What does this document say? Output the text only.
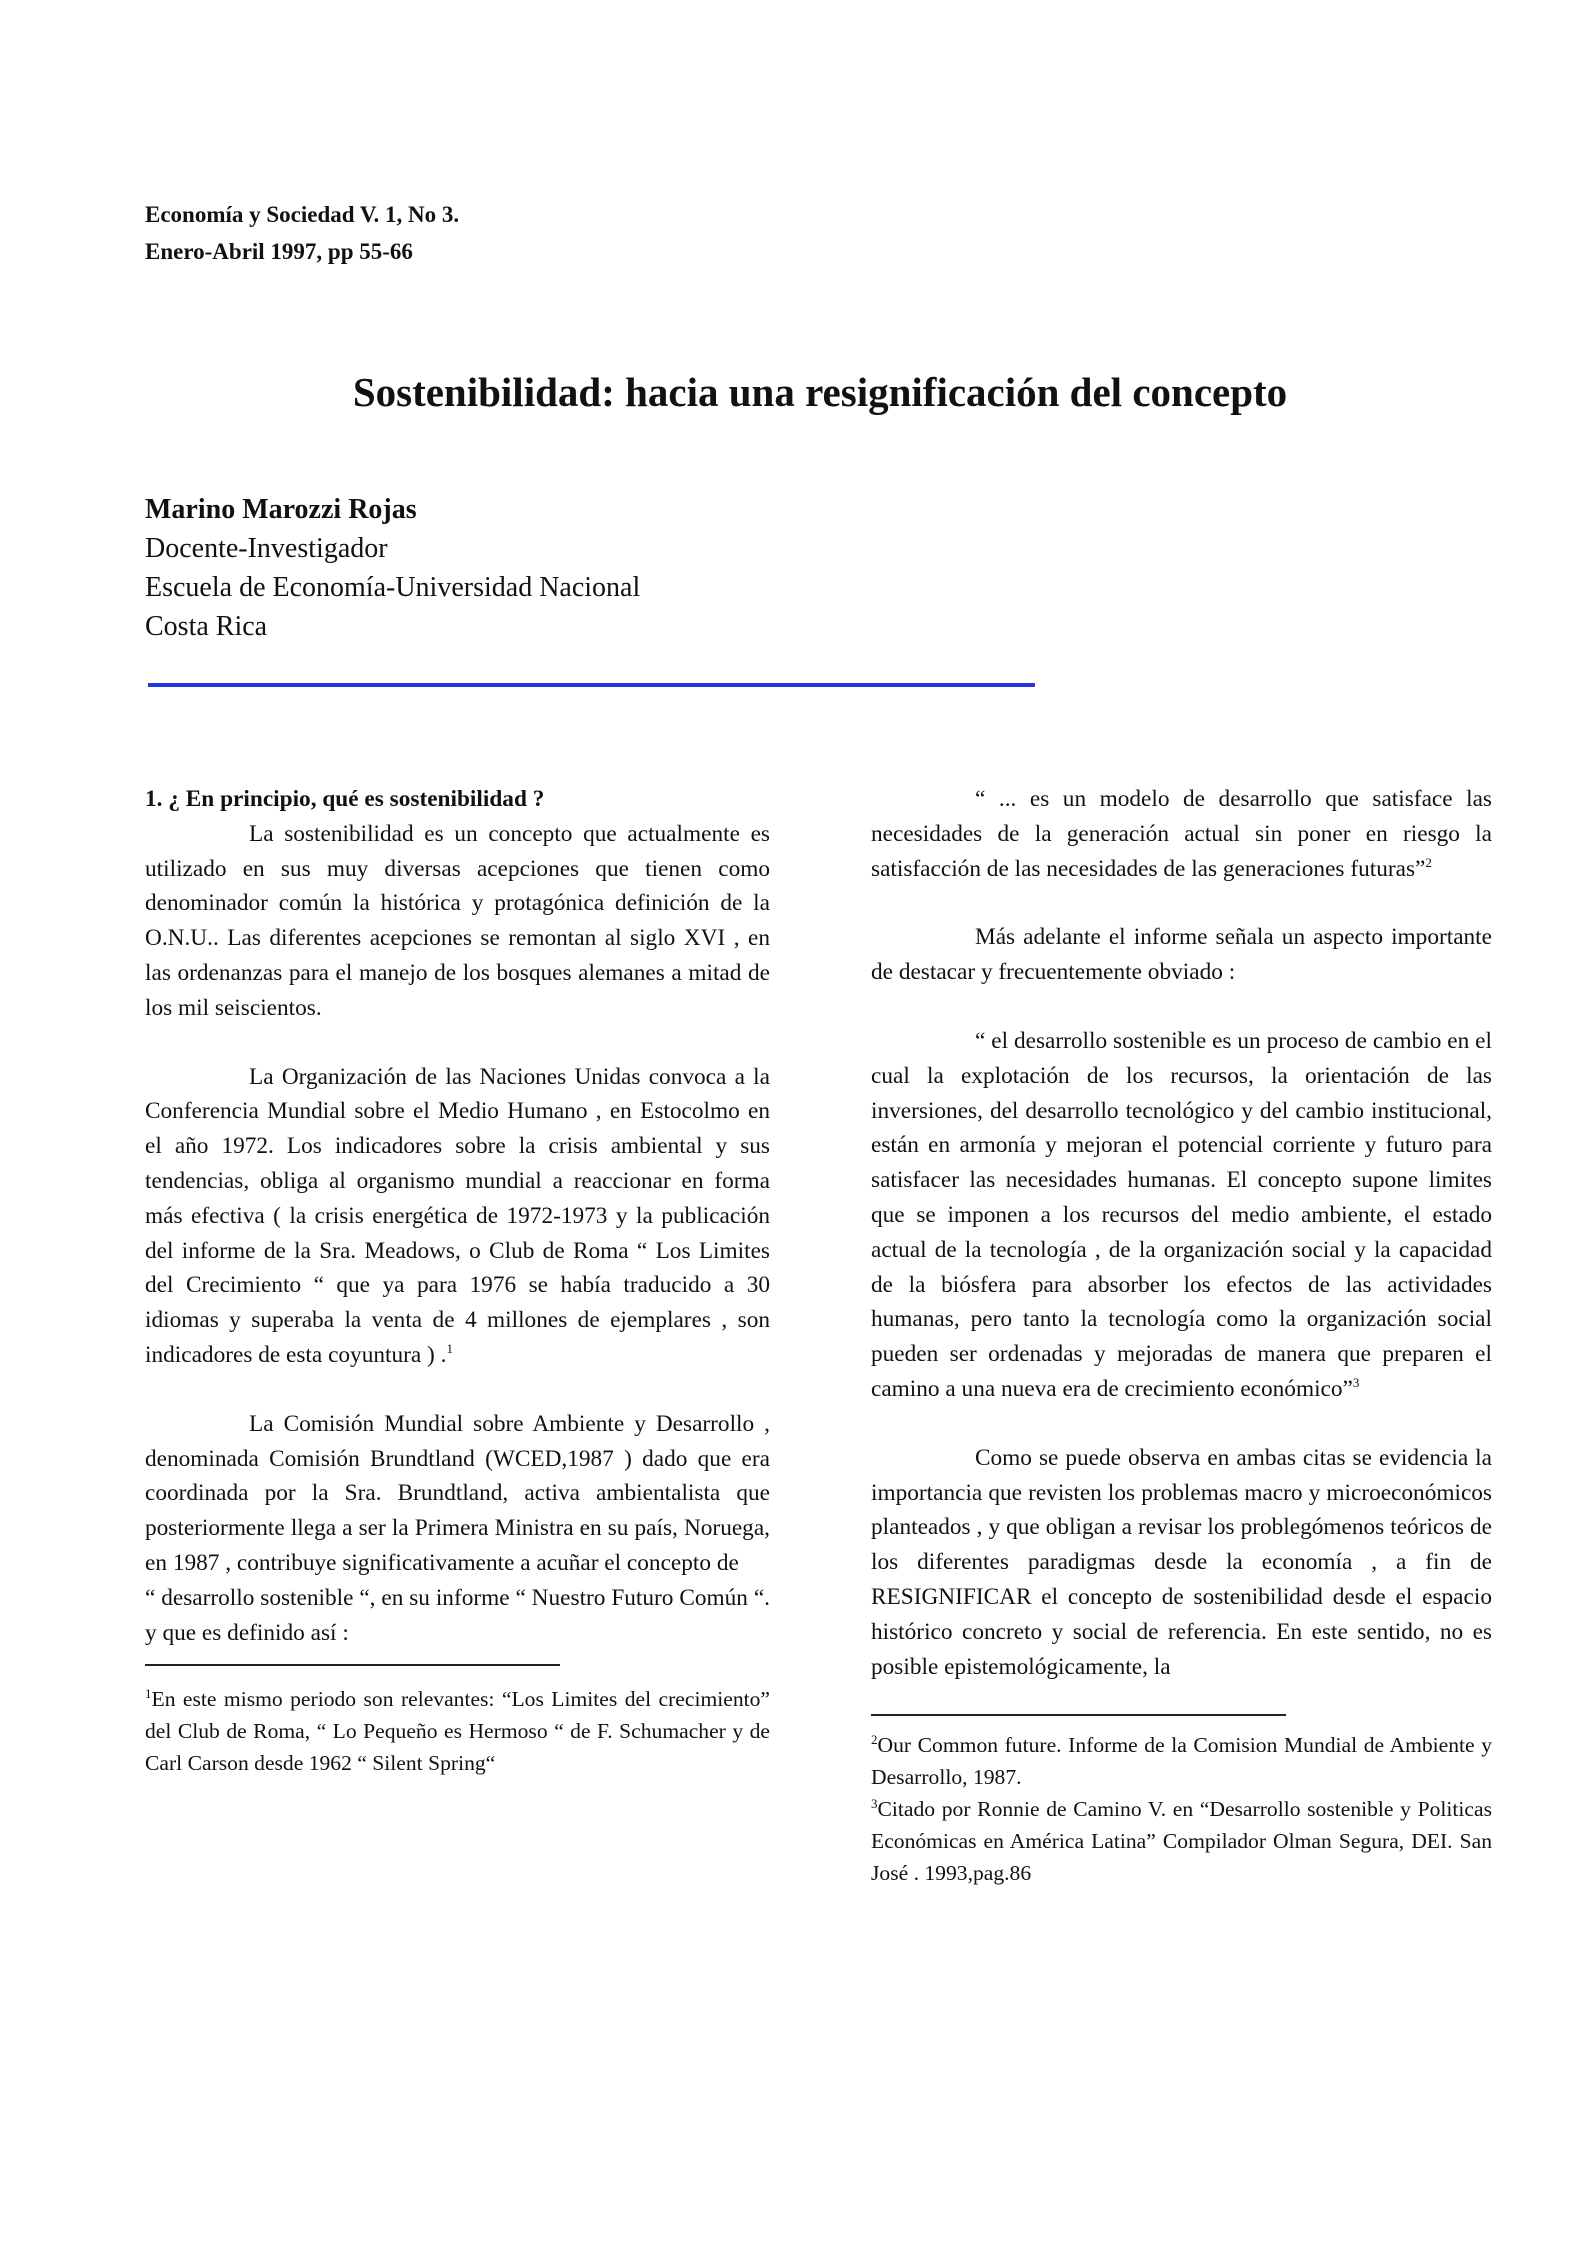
Economía y Sociedad V. 1, No 3.
Enero-Abril 1997, pp 55-66
Sostenibilidad: hacia una resignificación del concepto
Marino Marozzi Rojas
Docente-Investigador
Escuela de Economía-Universidad Nacional
Costa Rica

1. ¿ En principio, qué es sostenibilidad ?

La sostenibilidad es un concepto que actualmente es utilizado en sus muy diversas acepciones que tienen como denominador común la histórica y protagónica definición de la O.N.U.. Las diferentes acepciones se remontan al siglo XVI , en las ordenanzas para el manejo de los bosques alemanes a mitad de los mil seiscientos.

La Organización de las Naciones Unidas convoca a la Conferencia Mundial sobre el Medio Humano , en Estocolmo en el año 1972. Los indicadores sobre la crisis ambiental y sus tendencias, obliga al organismo mundial a reaccionar en forma más efectiva ( la crisis energética de 1972-1973 y la publicación del informe de la Sra. Meadows, o Club de Roma “ Los Limites del Crecimiento “ que ya para 1976 se había traducido a 30 idiomas y superaba la venta de 4 millones de ejemplares , son indicadores de esta coyuntura ) .$^1$

La Comisión Mundial sobre Ambiente y Desarrollo , denominada Comisión Brundtland (WCED,1987 ) dado que era coordinada por la Sra. Brundtland, activa ambientalista que posteriormente llega a ser la Primera Ministra en su país, Noruega, en 1987 , contribuye significativamente a acuñar el concepto de

“ desarrollo sostenible “, en su informe “ Nuestro Futuro Común “. y que es definido así :

$^1$En este mismo periodo son relevantes: “Los Limites del crecimiento” del Club de Roma, “ Lo Pequeño es Hermoso “ de F. Schumacher y de Carl Carson desde 1962 “ Silent Spring“

“ ... es un modelo de desarrollo que satisface las necesidades de la generación actual sin poner en riesgo la satisfacción de las necesidades de las generaciones futuras”$^2$

Más adelante el informe señala un aspecto importante de destacar y frecuentemente obviado :

“ el desarrollo sostenible es un proceso de cambio en el cual la explotación de los recursos, la orientación de las inversiones, del desarrollo tecnológico y del cambio institucional, están en armonía y mejoran el potencial corriente y futuro para satisfacer las necesidades humanas. El concepto supone limites que se imponen a los recursos del medio ambiente, el estado actual de la tecnología , de la organización social y la capacidad de la biósfera para absorber los efectos de las actividades humanas, pero tanto la tecnología como la organización social pueden ser ordenadas y mejoradas de manera que preparen el camino a una nueva era de crecimiento económico”$^3$

Como se puede observa en ambas citas se evidencia la importancia que revisten los problemas macro y microeconómicos planteados , y que obligan a revisar los problegómenos teóricos de los diferentes paradigmas desde la economía , a fin de RESIGNIFICAR el concepto de sostenibilidad desde el espacio histórico concreto y social de referencia. En este sentido, no es posible epistemológicamente, la

$^2$Our Common future. Informe de la Comision Mundial de Ambiente y Desarrollo, 1987.

$^3$Citado por Ronnie de Camino V. en “Desarrollo sostenible y Politicas Económicas en América Latina” Compilador Olman Segura, DEI. San José . 1993,pag.86
